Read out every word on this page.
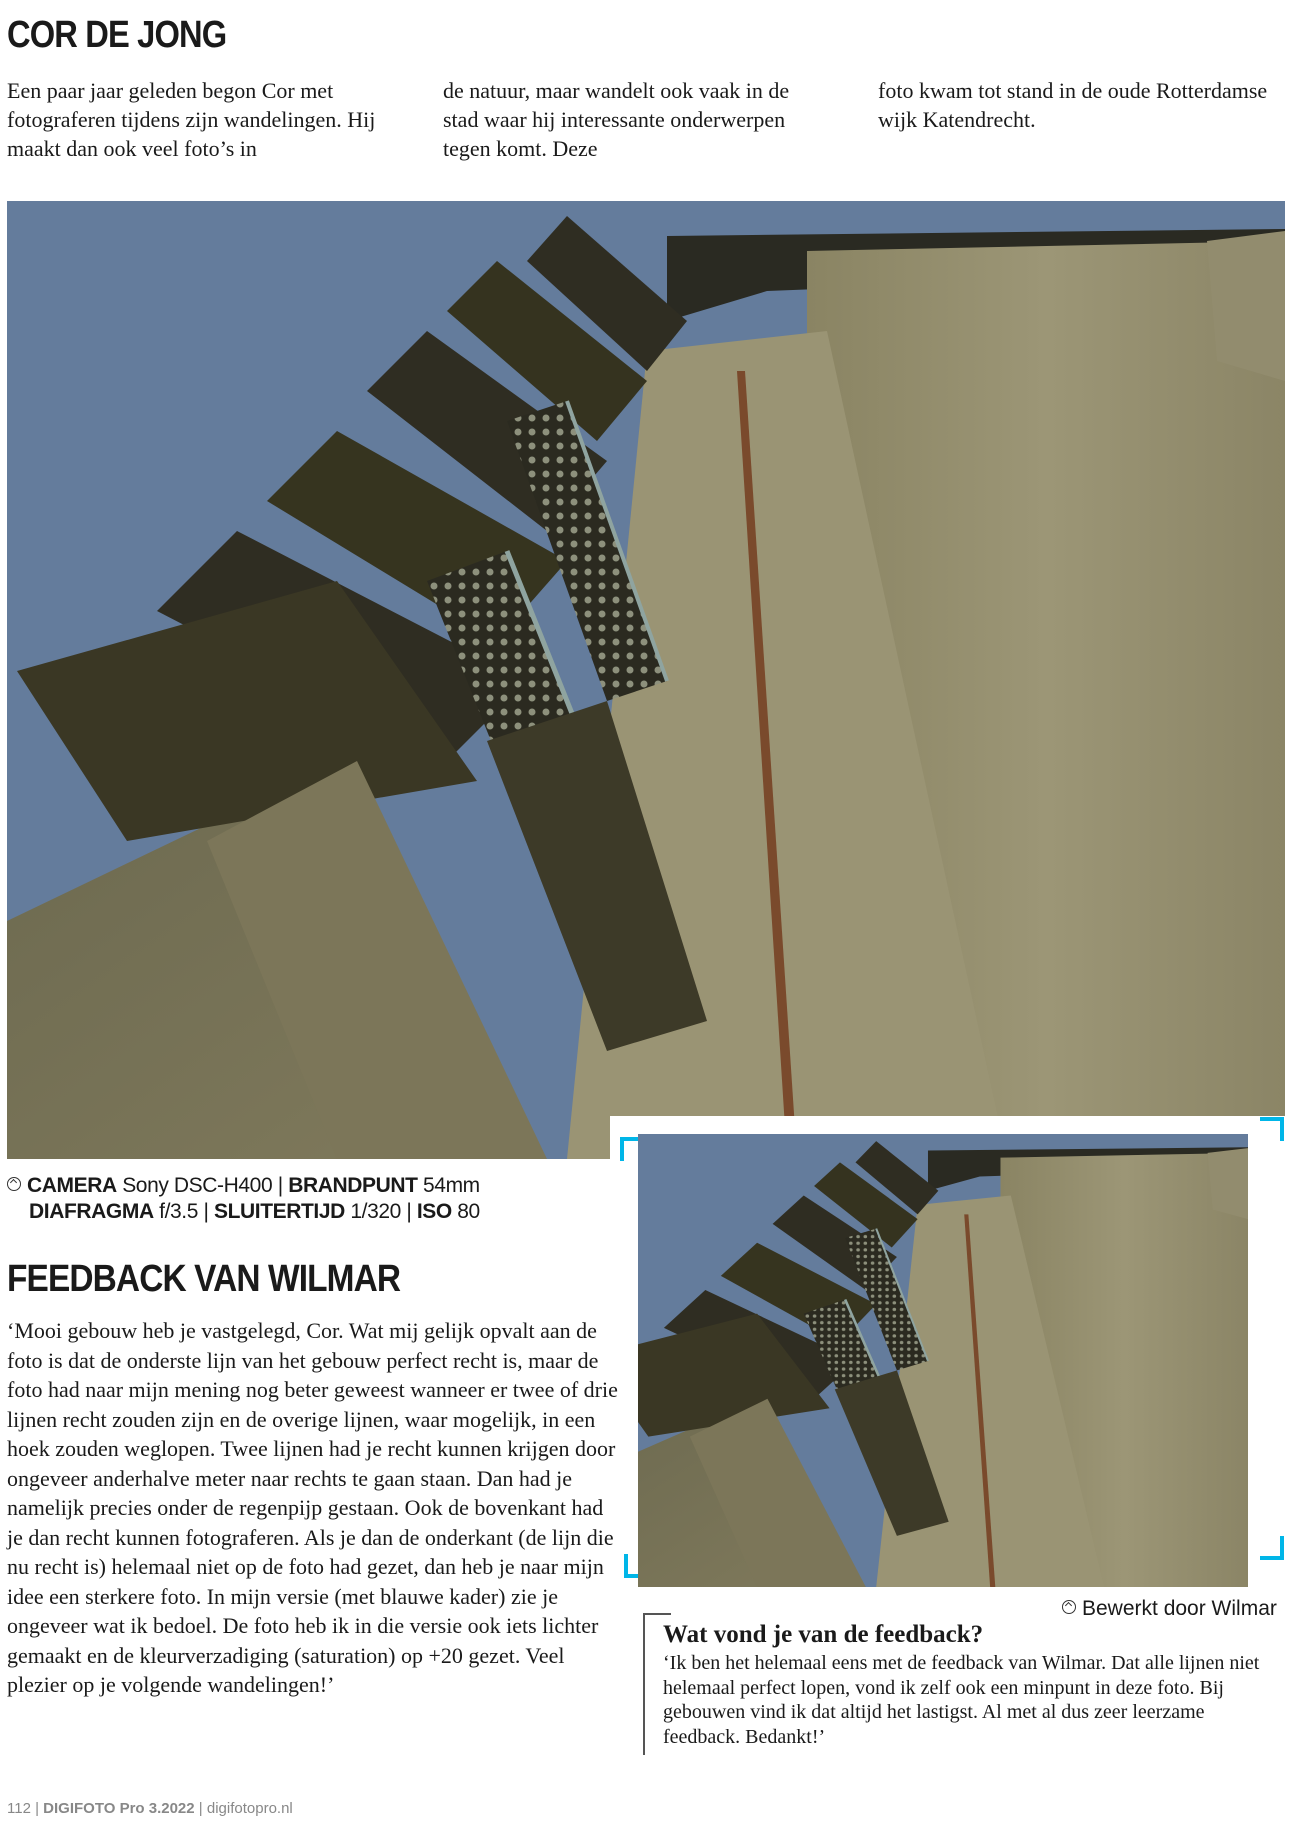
COR DE JONG

Een paar jaar geleden begon Cor met fotograferen tijdens zijn wandelingen. Hij maakt dan ook veel foto’s in

de natuur, maar wandelt ook vaak in de stad waar hij interessante onderwerpen tegen komt. Deze

foto kwam tot stand in de oude Rotterdamse wijk Katendrecht.

CAMERA Sony DSC-H400 | BRANDPUNT 54mm
DIAFRAGMA f/3.5 | SLUITERTIJD 1/320 | ISO 80
FEEDBACK VAN WILMAR

‘Mooi gebouw heb je vastgelegd, Cor. Wat mij gelijk opvalt aan de foto is dat de onderste lijn van het gebouw perfect recht is, maar de foto had naar mijn mening nog beter geweest wanneer er twee of drie lijnen recht zouden zijn en de overige lijnen, waar mogelijk, in een hoek zouden weglopen. Twee lijnen had je recht kunnen krijgen door ongeveer anderhalve meter naar rechts te gaan staan. Dan had je namelijk precies onder de regenpijp gestaan. Ook de bovenkant had je dan recht kunnen fotograferen. Als je dan de onderkant (de lijn die nu recht is) helemaal niet op de foto had gezet, dan heb je naar mijn idee een sterkere foto. In mijn versie (met blauwe kader) zie je ongeveer wat ik bedoel. De foto heb ik in die versie ook iets lichter gemaakt en de kleurverzadiging (saturation) op +20 gezet. Veel plezier op je volgende wandelingen!’

Bewerkt door Wilmar
Wat vond je van de feedback?

‘Ik ben het helemaal eens met de feedback van Wilmar. Dat alle lijnen niet helemaal perfect lopen, vond ik zelf ook een minpunt in deze foto. Bij gebouwen vind ik dat altijd het lastigst. Al met al dus zeer leerzame feedback. Bedankt!’

112 | DIGIFOTO Pro 3.2022 | digifotopro.nl
